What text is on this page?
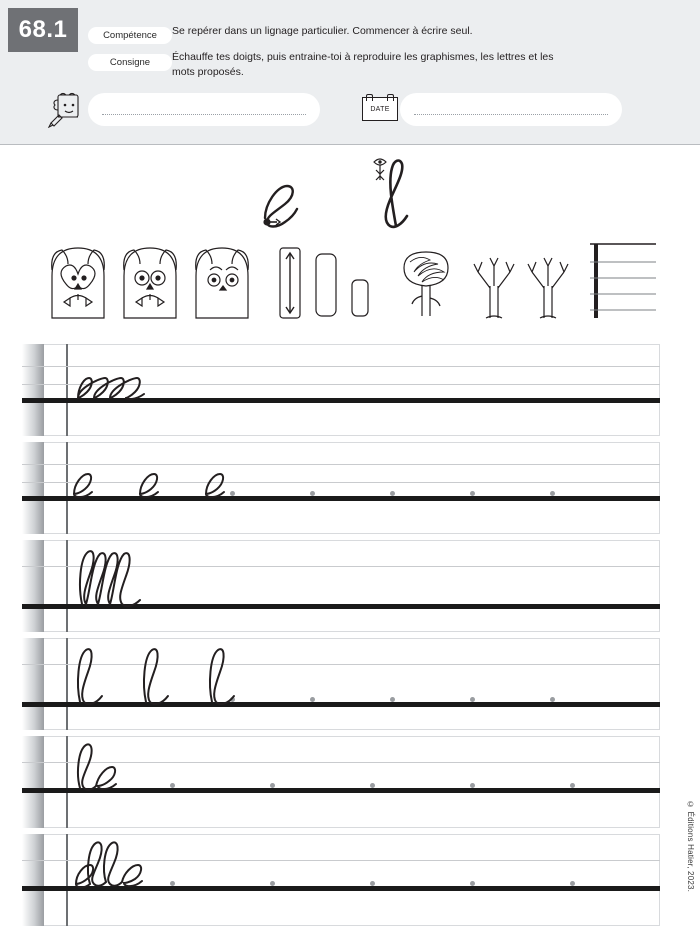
68.1	Compétence
Consigne
Se repérer dans un lignage particulier. Commencer à écrire seul.
Échauffe tes doigts, puis entraine-toi à reproduire les graphismes, les lettres et les mots proposés.
DATE
© Éditions Hatier, 2023.
